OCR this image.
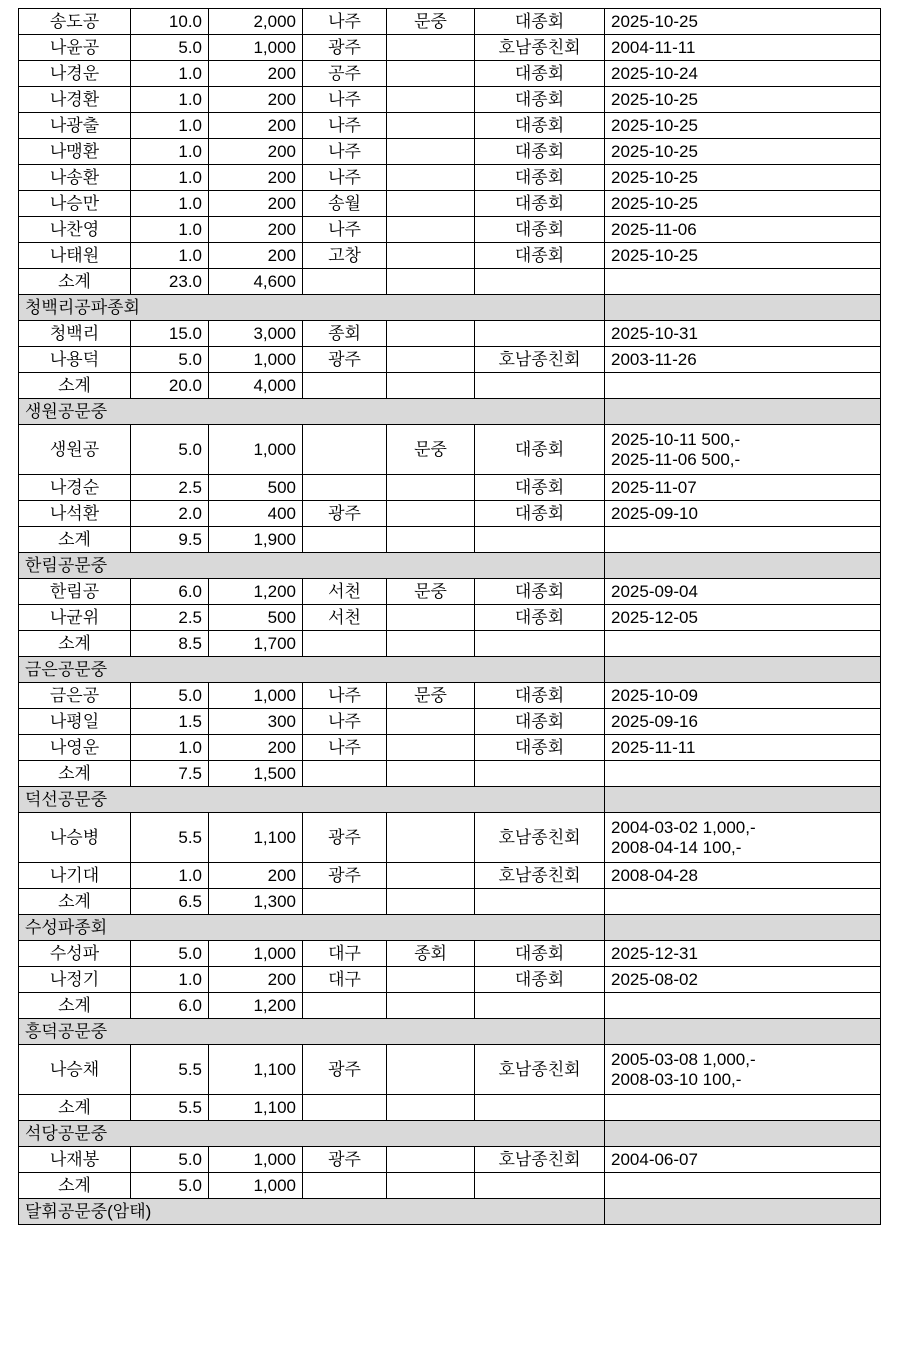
송도공	10.0	2,000	나주	문중	대종회	2025-10-25

나윤공	5.0	1,000	광주		호남종친회	2004-11-11

나경운	1.0	200	공주		대종회	2025-10-24

나경환	1.0	200	나주		대종회	2025-10-25

나광출	1.0	200	나주		대종회	2025-10-25

나맹환	1.0	200	나주		대종회	2025-10-25

나송환	1.0	200	나주		대종회	2025-10-25

나승만	1.0	200	송월		대종회	2025-10-25

나찬영	1.0	200	나주		대종회	2025-11-06

나태원	1.0	200	고창		대종회	2025-10-25

소계	23.0	4,600				
청백리공파종회						
청백리	15.0	3,000	종회			2025-10-31

나용덕	5.0	1,000	광주		호남종친회	2003-11-26

소계	20.0	4,000				
생원공문중						
생원공	5.0	1,000		문중	대종회	2025-10-11 500,-
2025-11-06 500,-

나경순	2.5	500			대종회	2025-11-07

나석환	2.0	400	광주		대종회	2025-09-10

소계	9.5	1,900				
한림공문중						
한림공	6.0	1,200	서천	문중	대종회	2025-09-04

나균위	2.5	500	서천		대종회	2025-12-05

소계	8.5	1,700				
금은공문중						
금은공	5.0	1,000	나주	문중	대종회	2025-10-09

나평일	1.5	300	나주		대종회	2025-09-16

나영운	1.0	200	나주		대종회	2025-11-11

소계	7.5	1,500				
덕선공문중						
나승병	5.5	1,100	광주		호남종친회	2004-03-02 1,000,-
2008-04-14 100,-

나기대	1.0	200	광주		호남종친회	2008-04-28

소계	6.5	1,300				
수성파종회						
수성파	5.0	1,000	대구	종회	대종회	2025-12-31

나정기	1.0	200	대구		대종회	2025-08-02

소계	6.0	1,200				
흥덕공문중						
나승채	5.5	1,100	광주		호남종친회	2005-03-08 1,000,-
2008-03-10 100,-

소계	5.5	1,100				
석당공문중						
나재봉	5.0	1,000	광주		호남종친회	2004-06-07

소계	5.0	1,000				
달휘공문중(암태)						
